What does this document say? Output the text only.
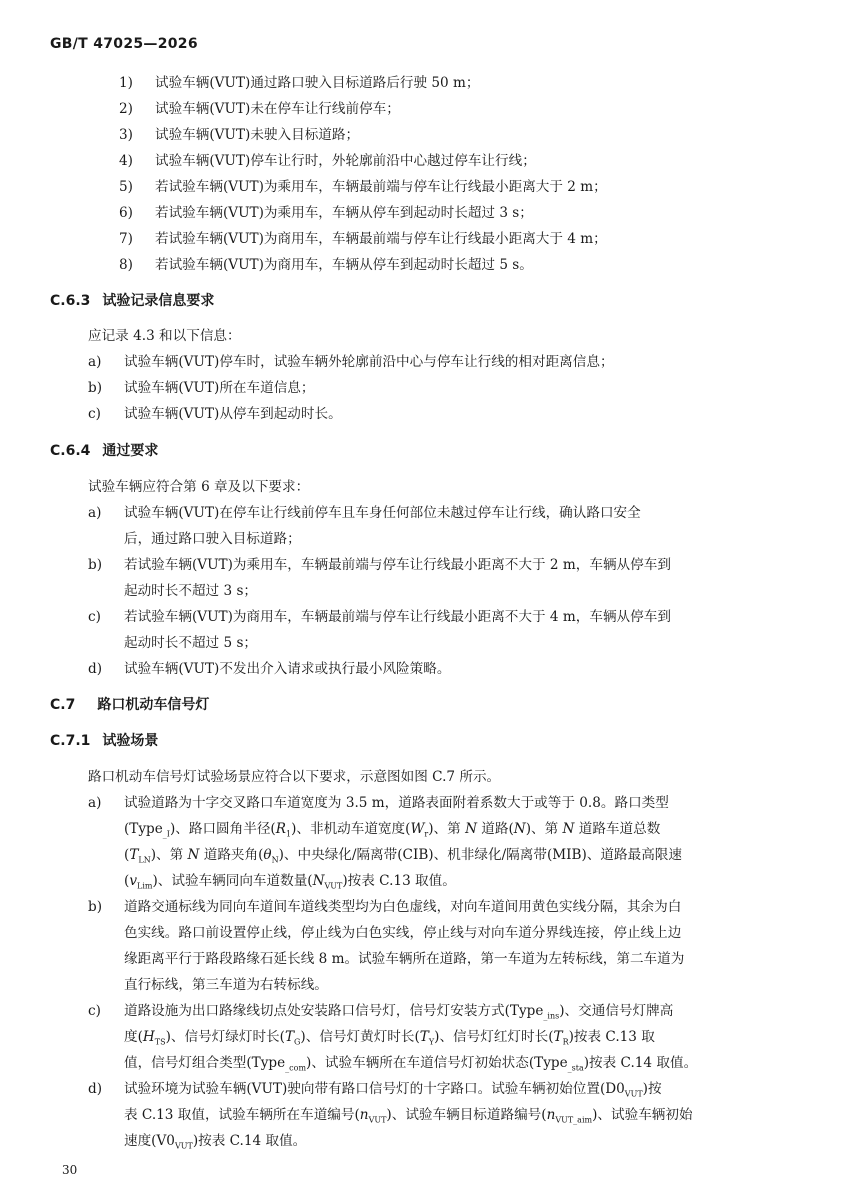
GB/T 47025—2026
1) 试验车辆(VUT)通过路口驶入目标道路后行驶 50 m；
2) 试验车辆(VUT)未在停车让行线前停车；
3) 试验车辆(VUT)未驶入目标道路；
4) 试验车辆(VUT)停车让行时，外轮廓前沿中心越过停车让行线；
5) 若试验车辆(VUT)为乘用车，车辆最前端与停车让行线最小距离大于 2 m；
6) 若试验车辆(VUT)为乘用车，车辆从停车到起动时长超过 3 s；
7) 若试验车辆(VUT)为商用车，车辆最前端与停车让行线最小距离大于 4 m；
8) 若试验车辆(VUT)为商用车，车辆从停车到起动时长超过 5 s。
C.6.3 试验记录信息要求
应记录 4.3 和以下信息：
a) 试验车辆(VUT)停车时，试验车辆外轮廓前沿中心与停车让行线的相对距离信息；
b) 试验车辆(VUT)所在车道信息；
c) 试验车辆(VUT)从停车到起动时长。
C.6.4 通过要求
试验车辆应符合第 6 章及以下要求：
a) 试验车辆(VUT)在停车让行线前停车且车身任何部位未越过停车让行线，确认路口安全
后，通过路口驶入目标道路；
b) 若试验车辆(VUT)为乘用车，车辆最前端与停车让行线最小距离不大于 2 m，车辆从停车到
起动时长不超过 3 s；
c) 若试验车辆(VUT)为商用车，车辆最前端与停车让行线最小距离不大于 4 m，车辆从停车到
起动时长不超过 5 s；
d) 试验车辆(VUT)不发出介入请求或执行最小风险策略。
C.7 路口机动车信号灯
C.7.1 试验场景
路口机动车信号灯试验场景应符合以下要求，示意图如图 C.7 所示。
a) 试验道路为十字交叉路口车道宽度为 3.5 m，道路表面附着系数大于或等于 0.8。路口类型
(Type$_{\_I}$)、路口圆角半径$(R_1)$、非机动车道宽度$(W_r)$、第 N 道路(N)、第 N 道路车道总数
$(T_{LN})$、第 N 道路夹角$(\theta_N)$、中央绿化/隔离带(CIB)、机非绿化/隔离带(MIB)、道路最高限速
$(v_{Lim})$、试验车辆同向车道数量$(N_{VUT})$按表 C.13 取值。
b) 道路交通标线为同向车道间车道线类型均为白色虚线，对向车道间用黄色实线分隔，其余为白
色实线。路口前设置停止线，停止线为白色实线，停止线与对向车道分界线连接，停止线上边
缘距离平行于路段路缘石延长线 8 m。试验车辆所在道路，第一车道为左转标线，第二车道为
直行标线，第三车道为右转标线。
c) 道路设施为出口路缘线切点处安装路口信号灯，信号灯安装方式(Type$_{\_ins}$)、交通信号灯牌高
度$(H_{TS})$、信号灯绿灯时长$(T_G)$、信号灯黄灯时长$(T_Y)$、信号灯红灯时长$(T_R)$按表 C.13 取
值，信号灯组合类型(Type$_{\_com}$)、试验车辆所在车道信号灯初始状态(Type$_{\_sta}$)按表 C.14 取值。
d) 试验环境为试验车辆(VUT)驶向带有路口信号灯的十字路口。试验车辆初始位置$(D0_{VUT})$按
表 C.13 取值，试验车辆所在车道编号$(n_{VUT})$、试验车辆目标道路编号$(n_{VUT\_aim})$、试验车辆初始
速度$(V0_{VUT})$按表 C.14 取值。
30
